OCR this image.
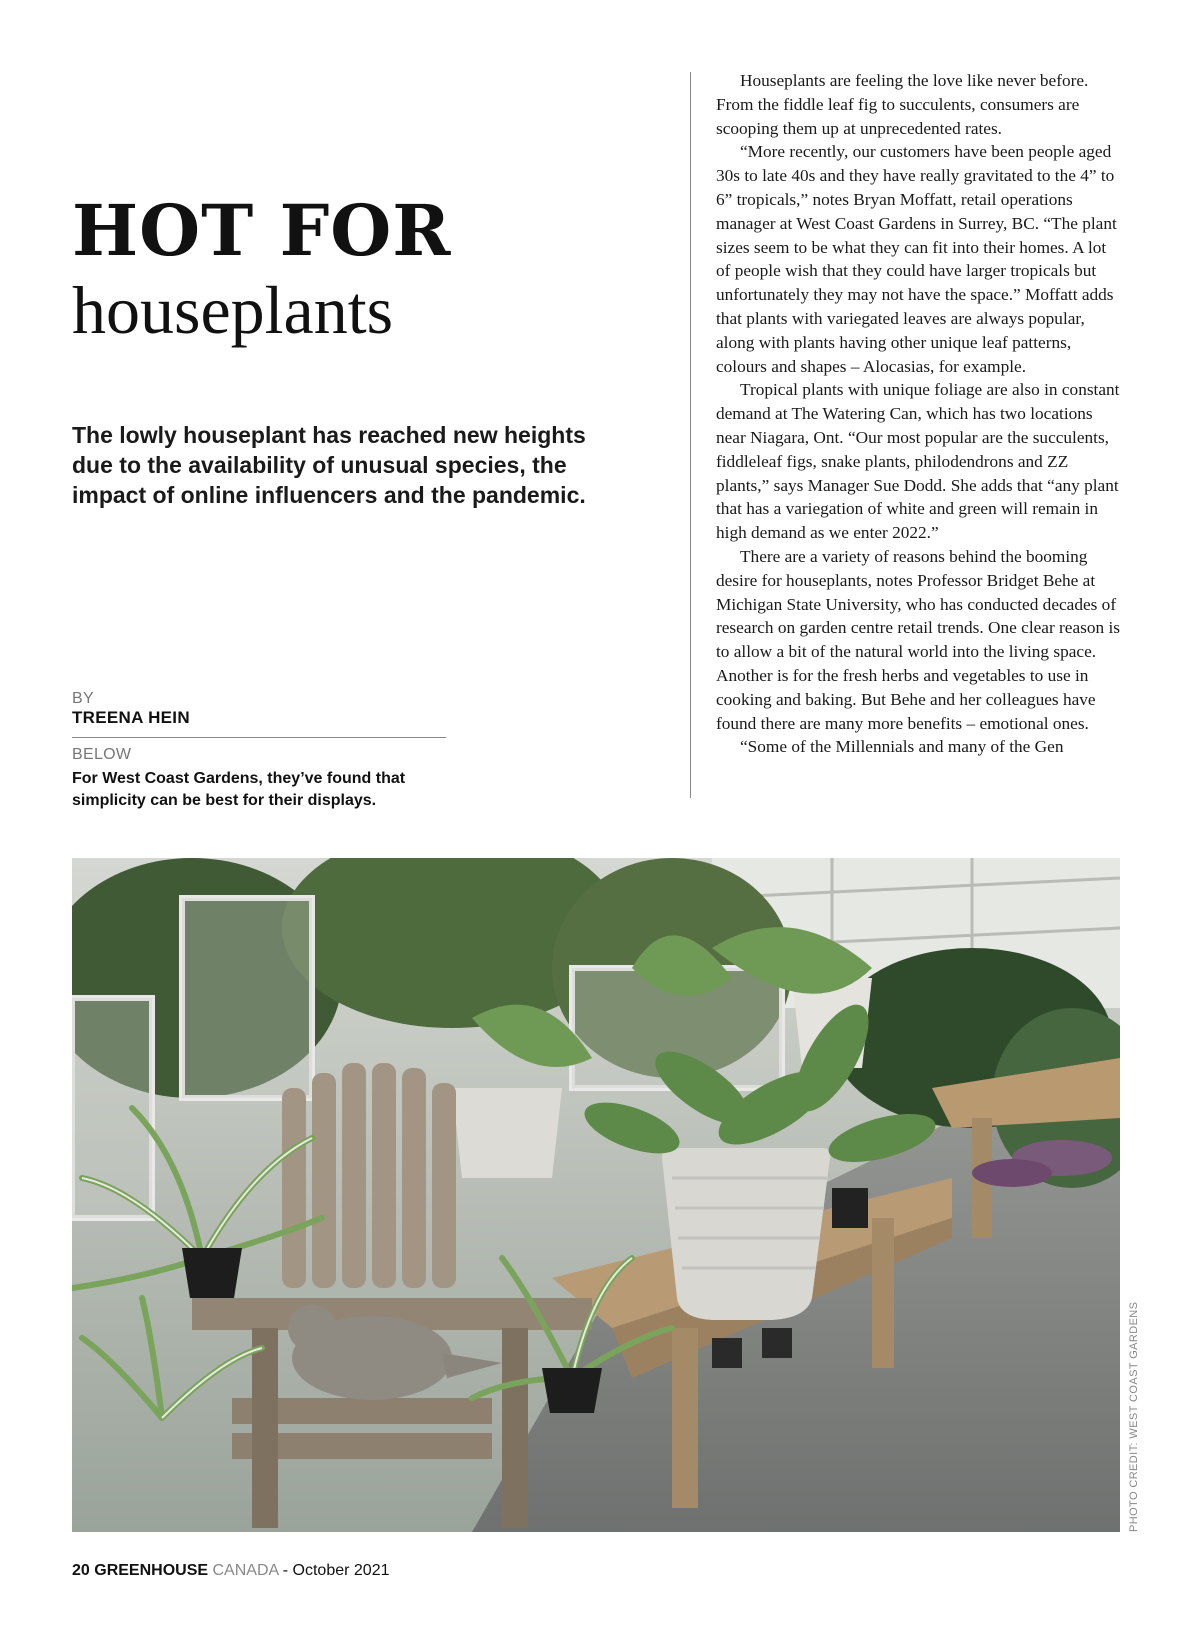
HOT FOR
houseplants
The lowly houseplant has reached new heights due to the availability of unusual species, the impact of online influencers and the pandemic.
BY
TREENA HEIN
BELOW
For West Coast Gardens, they’ve found that simplicity can be best for their displays.

Houseplants are feeling the love like never before. From the fiddle leaf fig to succulents, consumers are scooping them up at unprecedented rates.

“More recently, our customers have been people aged 30s to late 40s and they have really gravitated to the 4” to 6” tropicals,” notes Bryan Moffatt, retail operations manager at West Coast Gardens in Surrey, BC. “The plant sizes seem to be what they can fit into their homes. A lot of people wish that they could have larger tropicals but unfortunately they may not have the space.” Moffatt adds that plants with variegated leaves are always popular, along with plants having other unique leaf patterns, colours and shapes – Alocasias, for example.

Tropical plants with unique foliage are also in constant demand at The Watering Can, which has two locations near Niagara, Ont. “Our most popular are the succulents, fiddleleaf figs, snake plants, philodendrons and ZZ plants,” says Manager Sue Dodd. She adds that “any plant that has a variegation of white and green will remain in high demand as we enter 2022.”

There are a variety of reasons behind the booming desire for houseplants, notes Professor Bridget Behe at Michigan State University, who has conducted decades of research on garden centre retail trends. One clear reason is to allow a bit of the natural world into the living space. Another is for the fresh herbs and vegetables to use in cooking and baking. But Behe and her colleagues have found there are many more benefits – emotional ones.

“Some of the Millennials and many of the Gen

PHOTO CREDIT: WEST COAST GARDENS
20 GREENHOUSE CANADA - October 2021
